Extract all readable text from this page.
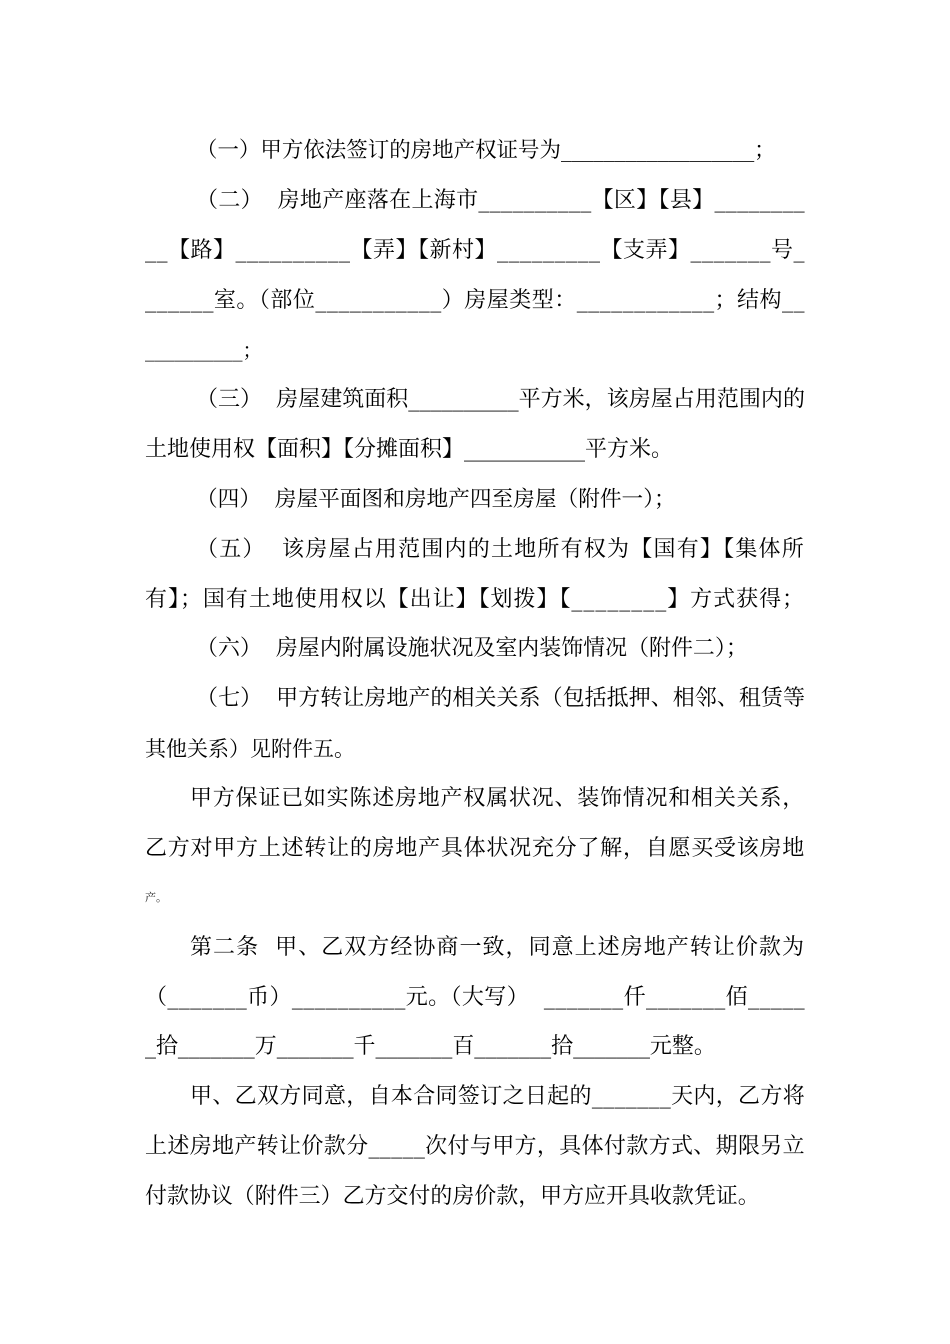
（一）甲方依法签订的房地产权证号为__________________；
（二）  房地产座落在上海市__________【区】【县】________
__【路】__________【弄】【新村】_________【支弄】_______号_
______室。（部位___________）房屋类型：____________；结构__
__________；
（三）  房屋建筑面积__________平方米，该房屋占用范围内的
土地使用权【面积】【分摊面积】___________平方米。
（四）  房屋平面图和房地产四至房屋（附件一）；
（五）  该房屋占用范围内的土地所有权为【国有】【集体所
有】；国有土地使用权以【出让】【划拨】【________】方式获得；
（六）  房屋内附属设施状况及室内装饰情况（附件二）；
（七）  甲方转让房地产的相关关系（包括抵押、相邻、租赁等
其他关系）见附件五。
甲方保证已如实陈述房地产权属状况、装饰情况和相关关系，
乙方对甲方上述转让的房地产具体状况充分了解，自愿买受该房地
产。
第二条  甲、乙双方经协商一致，同意上述房地产转让价款为
（_______币）__________元。（大写）  _______仟_______佰_____
_拾_______万_______千_______百_______拾_______元整。
甲、乙双方同意，自本合同签订之日起的_______天内，乙方将
上述房地产转让价款分_____次付与甲方，具体付款方式、期限另立
付款协议（附件三）乙方交付的房价款，甲方应开具收款凭证。
